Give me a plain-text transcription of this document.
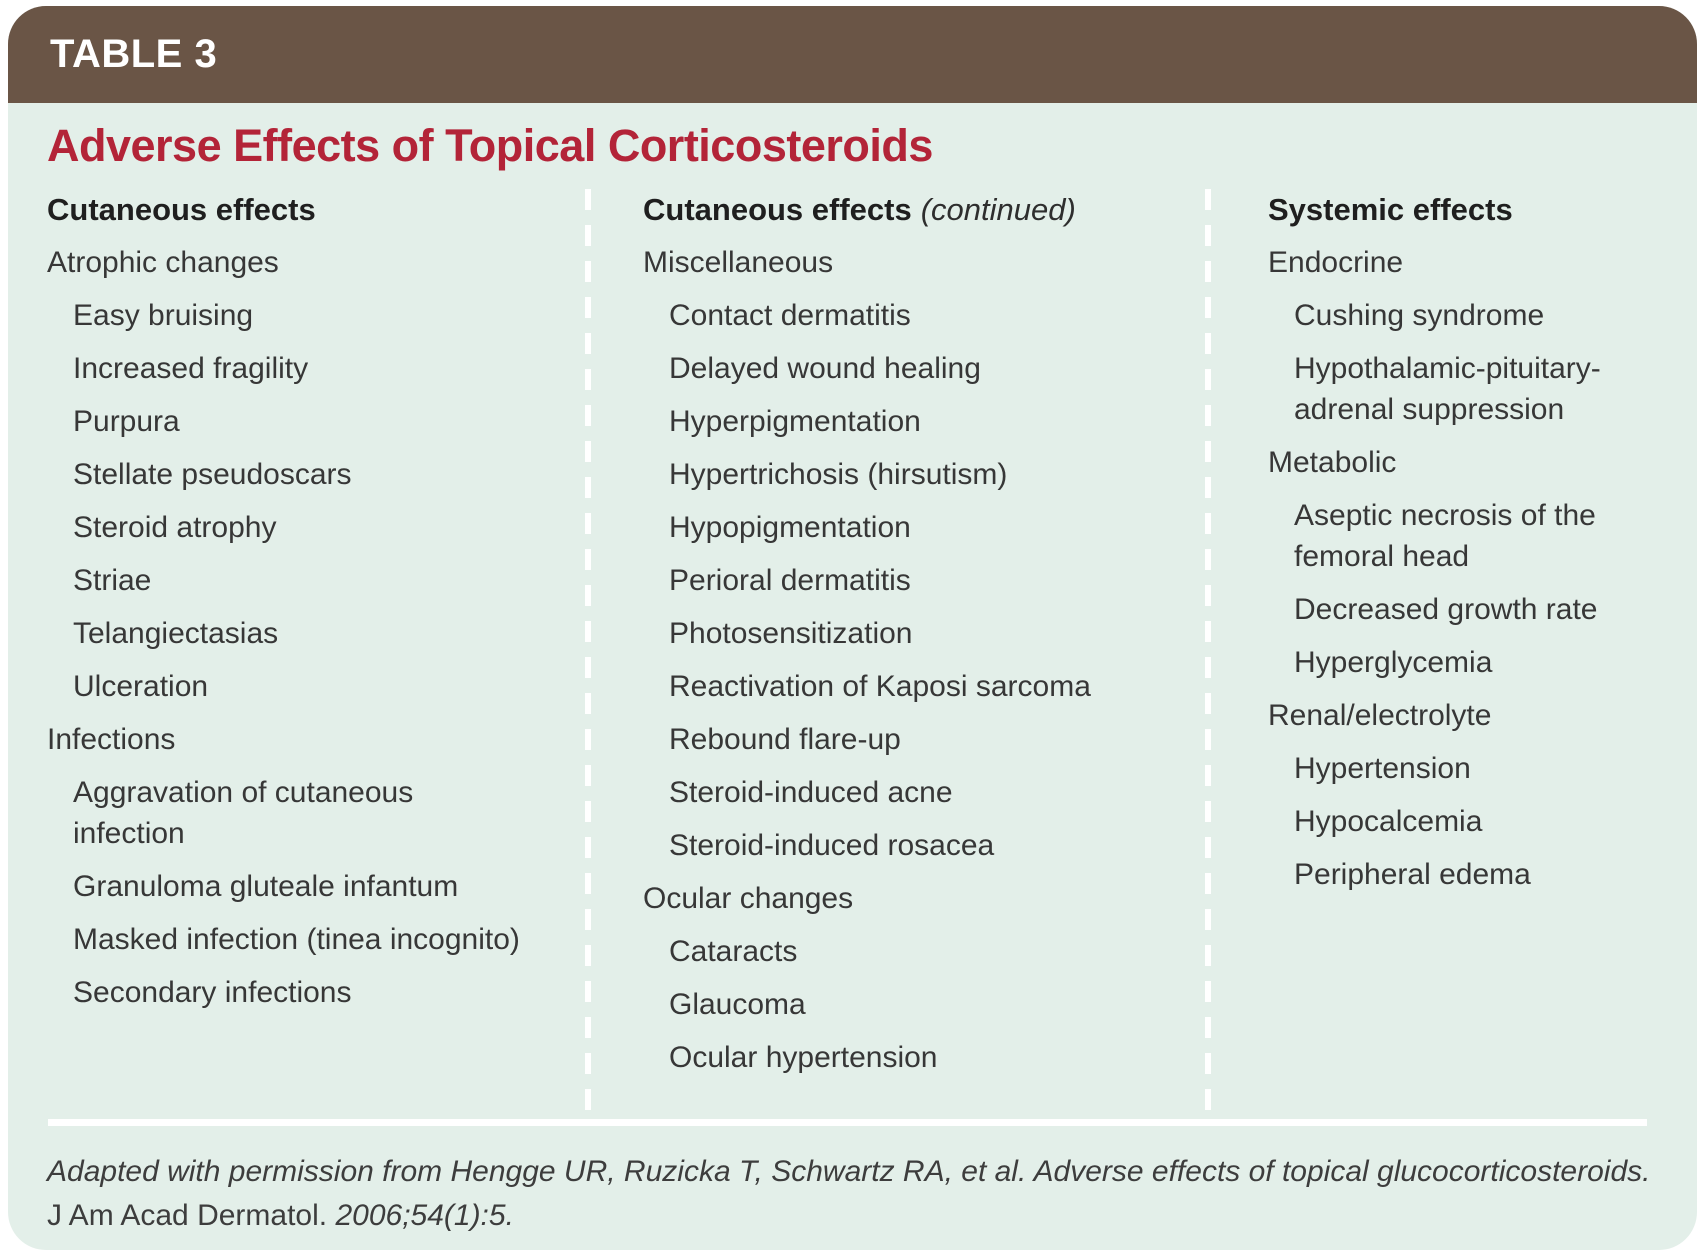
TABLE 3
Adverse Effects of Topical Corticosteroids
Cutaneous effects
Atrophic changes
Easy bruising
Increased fragility
Purpura
Stellate pseudoscars
Steroid atrophy
Striae
Telangiectasias
Ulceration
Infections
Aggravation of cutaneous infection
Granuloma gluteale infantum
Masked infection (tinea incognito)
Secondary infections
Cutaneous effects (continued)
Miscellaneous
Contact dermatitis
Delayed wound healing
Hyperpigmentation
Hypertrichosis (hirsutism)
Hypopigmentation
Perioral dermatitis
Photosensitization
Reactivation of Kaposi sarcoma
Rebound flare-up
Steroid-induced acne
Steroid-induced rosacea
Ocular changes
Cataracts
Glaucoma
Ocular hypertension
Systemic effects
Endocrine
Cushing syndrome
Hypothalamic-pituitary-adrenal suppression
Metabolic
Aseptic necrosis of the femoral head
Decreased growth rate
Hyperglycemia
Renal/electrolyte
Hypertension
Hypocalcemia
Peripheral edema
Adapted with permission from Hengge UR, Ruzicka T, Schwartz RA, et al. Adverse effects of topical glucocorticosteroids.
J Am Acad Dermatol. 2006;54(1):5.
